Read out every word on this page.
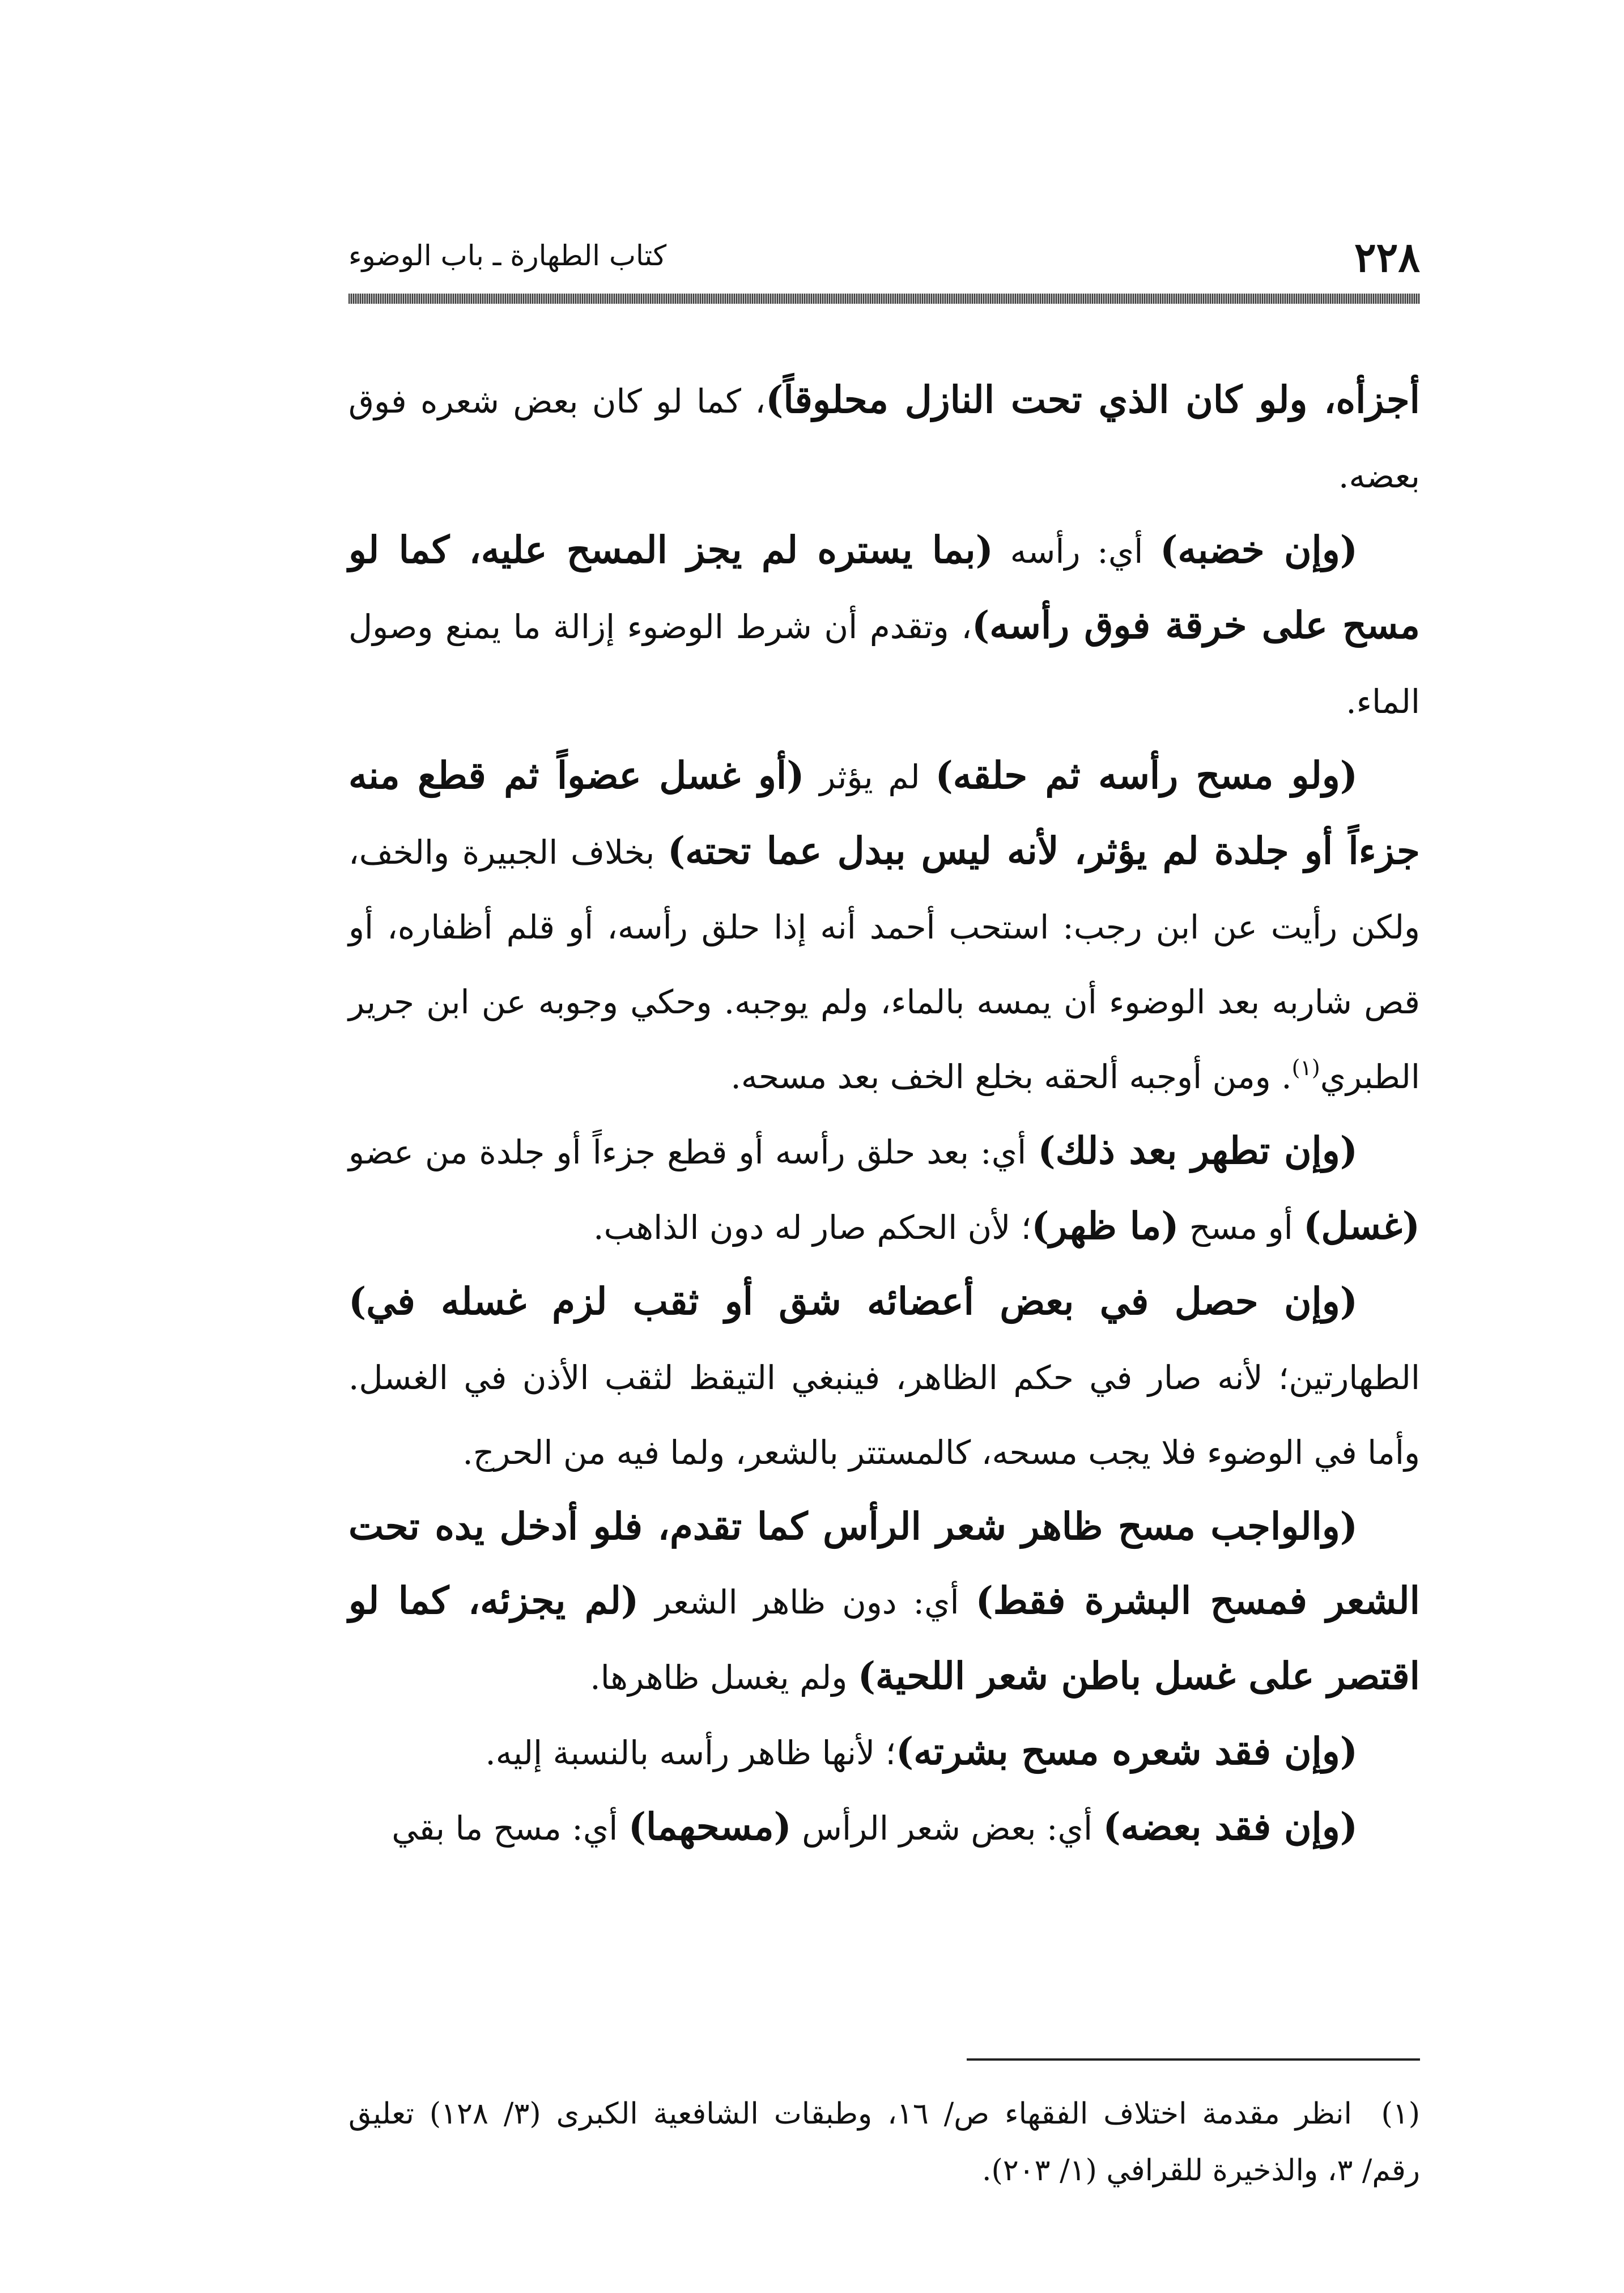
٢٢٨
كتاب الطهارة ـ باب الوضوء

أجزأه، ولو كان الذي تحت النازل محلوقاً)، كما لو كان بعض شعره فوق بعضه.

(وإن خضبه) أي: رأسه (بما يستره لم يجز المسح عليه، كما لو مسح على خرقة فوق رأسه)، وتقدم أن شرط الوضوء إزالة ما يمنع وصول الماء.

(ولو مسح رأسه ثم حلقه) لم يؤثر (أو غسل عضواً ثم قطع منه جزءاً أو جلدة لم يؤثر، لأنه ليس ببدل عما تحته) بخلاف الجبيرة والخف، ولكن رأيت عن ابن رجب: استحب أحمد أنه إذا حلق رأسه، أو قلم أظفاره، أو قص شاربه بعد الوضوء أن يمسه بالماء، ولم يوجبه. وحكي وجوبه عن ابن جرير الطبري$^{(١)}$. ومن أوجبه ألحقه بخلع الخف بعد مسحه.

(وإن تطهر بعد ذلك) أي: بعد حلق رأسه أو قطع جزءاً أو جلدة من عضو (غسل) أو مسح (ما ظهر)؛ لأن الحكم صار له دون الذاهب.

(وإن حصل في بعض أعضائه شق أو ثقب لزم غسله في) الطهارتين؛ لأنه صار في حكم الظاهر، فينبغي التيقظ لثقب الأذن في الغسل. وأما في الوضوء فلا يجب مسحه، كالمستتر بالشعر، ولما فيه من الحرج.

(والواجب مسح ظاهر شعر الرأس كما تقدم، فلو أدخل يده تحت الشعر فمسح البشرة فقط) أي: دون ظاهر الشعر (لم يجزئه، كما لو اقتصر على غسل باطن شعر اللحية) ولم يغسل ظاهرها.

(وإن فقد شعره مسح بشرته)؛ لأنها ظاهر رأسه بالنسبة إليه.

(وإن فقد بعضه) أي: بعض شعر الرأس (مسحهما) أي: مسح ما بقي

(١)انظر مقدمة اختلاف الفقهاء ص/ ١٦، وطبقات الشافعية الكبرى (٣/ ١٢٨) تعليق رقم/ ٣، والذخيرة للقرافي (١/ ٢٠٣).
